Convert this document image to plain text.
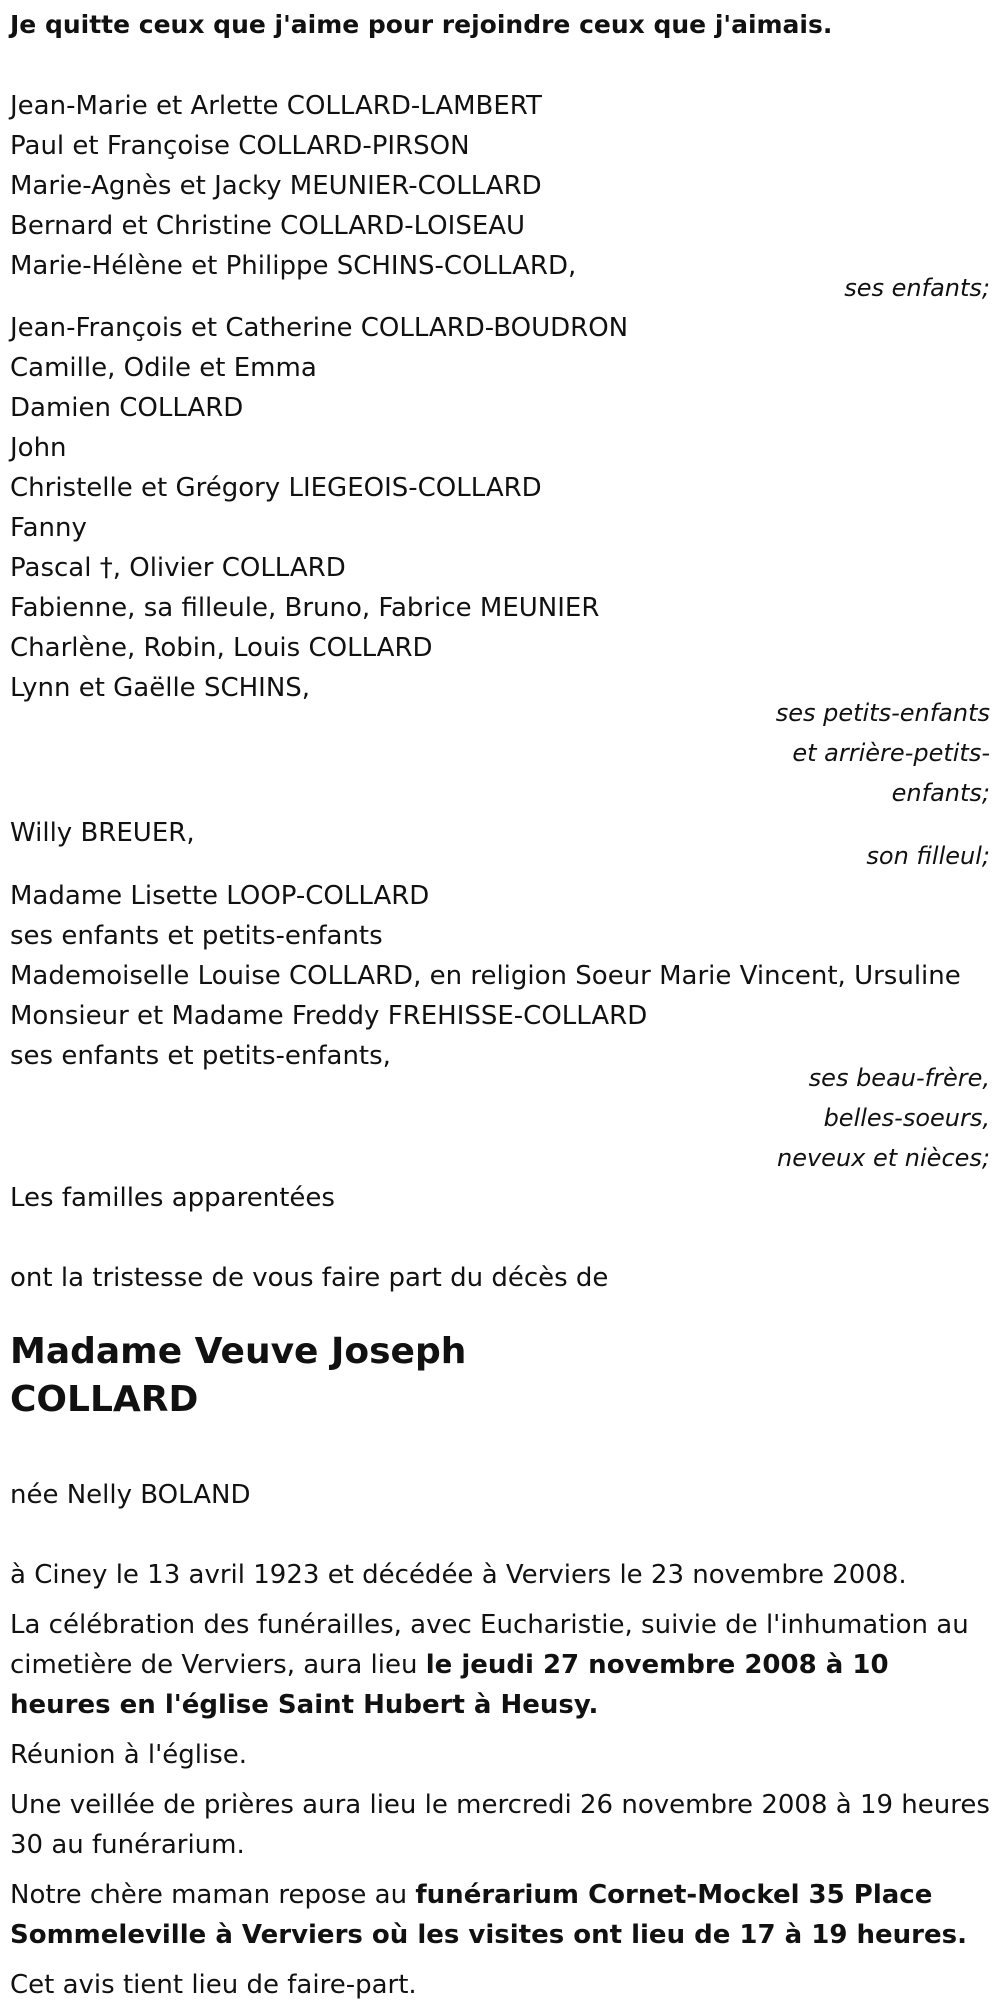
Je quitte ceux que j'aime pour rejoindre ceux que j'aimais.
Jean-Marie et Arlette COLLARD-LAMBERT
Paul et Françoise COLLARD-PIRSON
Marie-Agnès et Jacky MEUNIER-COLLARD
Bernard et Christine COLLARD-LOISEAU
Marie-Hélène et Philippe SCHINS-COLLARD,
ses enfants;
Jean-François et Catherine COLLARD-BOUDRON
Camille, Odile et Emma
Damien COLLARD
John
Christelle et Grégory LIEGEOIS-COLLARD
Fanny
Pascal †, Olivier COLLARD
Fabienne, sa filleule, Bruno, Fabrice MEUNIER
Charlène, Robin, Louis COLLARD
Lynn et Gaëlle SCHINS,
ses petits-enfants
et arrière-petits-
enfants;
Willy BREUER,
son filleul;
Madame Lisette LOOP-COLLARD
ses enfants et petits-enfants
Mademoiselle Louise COLLARD, en religion Soeur Marie Vincent, Ursuline
Monsieur et Madame Freddy FREHISSE-COLLARD
ses enfants et petits-enfants,
ses beau-frère,
belles-soeurs,
neveux et nièces;
Les familles apparentées
ont la tristesse de vous faire part du décès de
Madame Veuve Joseph
COLLARD
née Nelly BOLAND
à Ciney le 13 avril 1923 et décédée à Verviers le 23 novembre 2008.
La célébration des funérailles, avec Eucharistie, suivie de l'inhumation au cimetière de Verviers, aura lieu le jeudi 27 novembre 2008 à 10 heures en l'église Saint Hubert à Heusy.
Réunion à l'église.
Une veillée de prières aura lieu le mercredi 26 novembre 2008 à 19 heures 30 au funérarium.
Notre chère maman repose au funérarium Cornet-Mockel 35 Place Sommeleville à Verviers où les visites ont lieu de 17 à 19 heures.
Cet avis tient lieu de faire-part.
